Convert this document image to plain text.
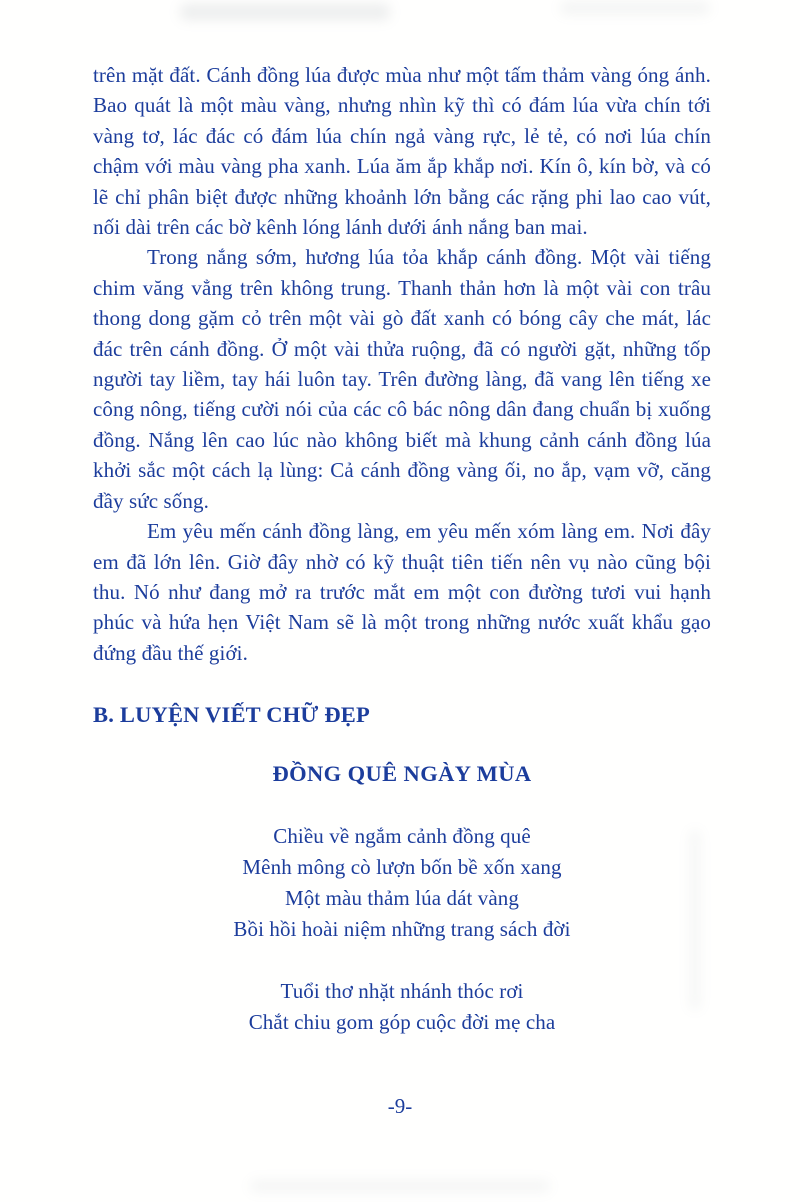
trên mặt đất. Cánh đồng lúa được mùa như một tấm thảm vàng óng ánh. Bao quát là một màu vàng, nhưng nhìn kỹ thì có đám lúa vừa chín tới vàng tơ, lác đác có đám lúa chín ngả vàng rực, lẻ tẻ, có nơi lúa chín chậm với màu vàng pha xanh. Lúa ăm ắp khắp nơi. Kín ô, kín bờ, và có lẽ chỉ phân biệt được những khoảnh lớn bằng các rặng phi lao cao vút, nối dài trên các bờ kênh lóng lánh dưới ánh nắng ban mai.

Trong nắng sớm, hương lúa tỏa khắp cánh đồng. Một vài tiếng chim văng vẳng trên không trung. Thanh thản hơn là một vài con trâu thong dong gặm cỏ trên một vài gò đất xanh có bóng cây che mát, lác đác trên cánh đồng. Ở một vài thửa ruộng, đã có người gặt, những tốp người tay liềm, tay hái luôn tay. Trên đường làng, đã vang lên tiếng xe công nông, tiếng cười nói của các cô bác nông dân đang chuẩn bị xuống đồng. Nắng lên cao lúc nào không biết mà khung cảnh cánh đồng lúa khởi sắc một cách lạ lùng: Cả cánh đồng vàng ối, no ắp, vạm vỡ, căng đầy sức sống.

Em yêu mến cánh đồng làng, em yêu mến xóm làng em. Nơi đây em đã lớn lên. Giờ đây nhờ có kỹ thuật tiên tiến nên vụ nào cũng bội thu. Nó như đang mở ra trước mắt em một con đường tươi vui hạnh phúc và hứa hẹn Việt Nam sẽ là một trong những nước xuất khẩu gạo đứng đầu thế giới.

B. LUYỆN VIẾT CHỮ ĐẸP
ĐỒNG QUÊ NGÀY MÙA

Chiều về ngắm cảnh đồng quê

Mênh mông cò lượn bốn bề xốn xang

Một màu thảm lúa dát vàng

Bồi hồi hoài niệm những trang sách đời

Tuổi thơ nhặt nhánh thóc rơi

Chắt chiu gom góp cuộc đời mẹ cha

-9-
